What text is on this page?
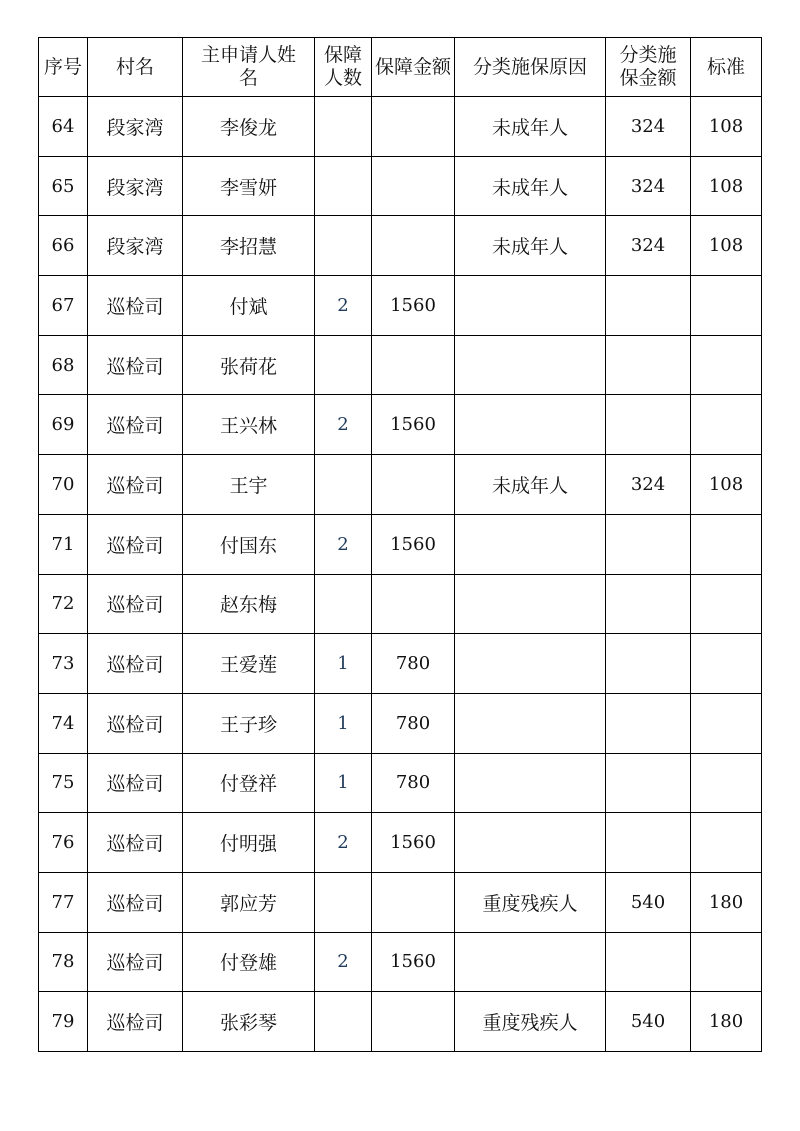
序号	村名	主申请人姓名	保障人数	保障金额	分类施保原因	分类施保金额	标准
64	段家湾	李俊龙			未成年人	324	108
65	段家湾	李雪妍			未成年人	324	108
66	段家湾	李招慧			未成年人	324	108
67	巡检司	付斌	2	1560			
68	巡检司	张荷花					
69	巡检司	王兴林	2	1560			
70	巡检司	王宇			未成年人	324	108
71	巡检司	付国东	2	1560			
72	巡检司	赵东梅					
73	巡检司	王爱莲	1	780			
74	巡检司	王子珍	1	780			
75	巡检司	付登祥	1	780			
76	巡检司	付明强	2	1560			
77	巡检司	郭应芳			重度残疾人	540	180
78	巡检司	付登雄	2	1560			
79	巡检司	张彩琴			重度残疾人	540	180
